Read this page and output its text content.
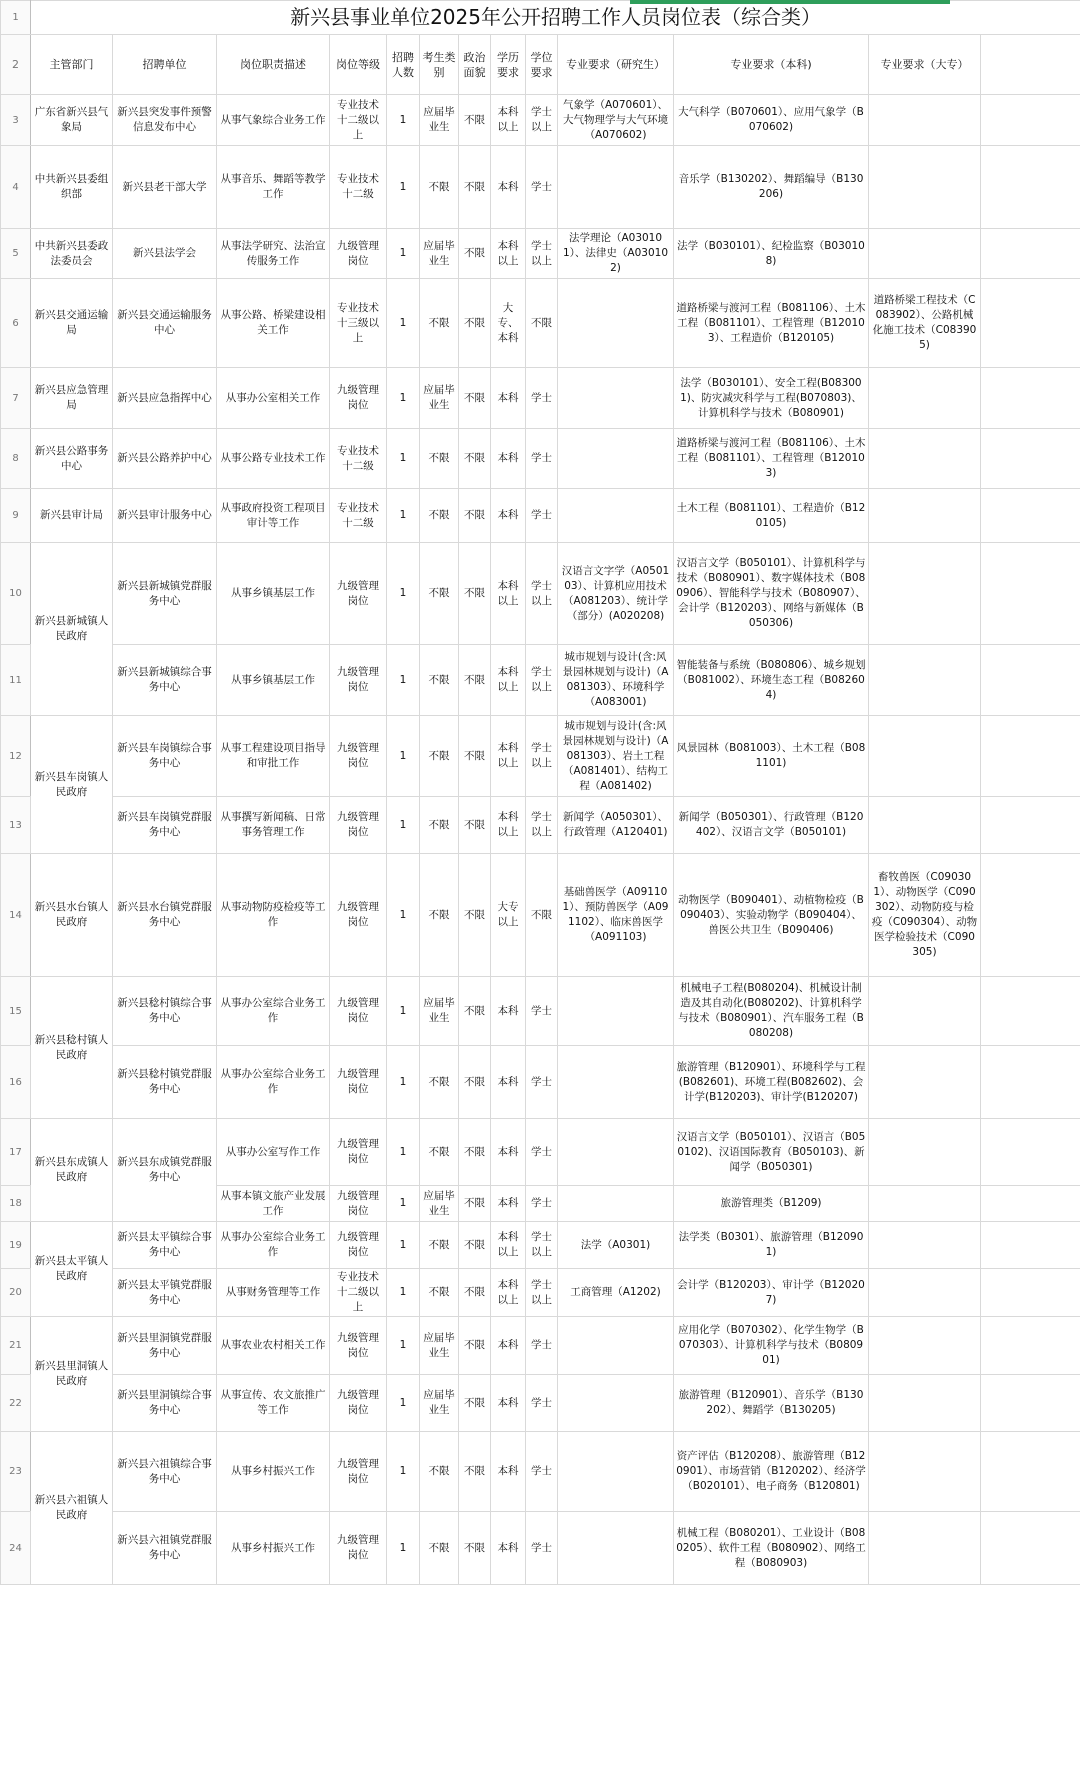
1	新兴县事业单位2025年公开招聘工作人员岗位表（综合类）												
2	主管部门	招聘单位	岗位职责描述	岗位等级	招聘人数	考生类别	政治面貌	学历要求	学位要求	专业要求（研究生）	专业要求（本科)	专业要求（大专）	
3	广东省新兴县气象局	新兴县突发事件预警信息发布中心	从事气象综合业务工作	专业技术十二级以上	1	应届毕业生	不限	本科以上	学士以上	气象学（A070601）、大气物理学与大气环境（A070602)	大气科学（B070601）、应用气象学（B070602)		
4	中共新兴县委组织部	新兴县老干部大学	从事音乐、舞蹈等教学工作	专业技术十二级	1	不限	不限	本科	学士		音乐学（B130202）、舞蹈编导（B130206)		
5	中共新兴县委政法委员会	新兴县法学会	从事法学研究、法治宣传服务工作	九级管理岗位	1	应届毕业生	不限	本科以上	学士以上	法学理论（A030101）、法律史（A030102)	法学（B030101）、纪检监察（B030108)		
6	新兴县交通运输局	新兴县交通运输服务中心	从事公路、桥梁建设相关工作	专业技术十三级以上	1	不限	不限	大专、本科	不限		道路桥梁与渡河工程（B081106）、土木工程（B081101）、工程管理（B120103）、工程造价（B120105)	道路桥梁工程技术（C083902）、公路机械化施工技术（C083905)	
7	新兴县应急管理局	新兴县应急指挥中心	从事办公室相关工作	九级管理岗位	1	应届毕业生	不限	本科	学士		法学（B030101）、安全工程(B083001)、防灾减灾科学与工程(B070803)、计算机科学与技术（B080901)		
8	新兴县公路事务中心	新兴县公路养护中心	从事公路专业技术工作	专业技术十二级	1	不限	不限	本科	学士		道路桥梁与渡河工程（B081106）、土木工程（B081101）、工程管理（B120103)		
9	新兴县审计局	新兴县审计服务中心	从事政府投资工程项目审计等工作	专业技术十二级	1	不限	不限	本科	学士		土木工程（B081101）、工程造价（B120105)		
10	新兴县新城镇人民政府	新兴县新城镇党群服务中心	从事乡镇基层工作	九级管理岗位	1	不限	不限	本科以上	学士以上	汉语言文字学（A050103）、计算机应用技术（A081203）、统计学（部分）(A020208)	汉语言文学（B050101）、计算机科学与技术（B080901）、数字媒体技术（B080906）、智能科学与技术（B080907）、会计学（B120203）、网络与新媒体（B050306)		
11		新兴县新城镇综合事务中心	从事乡镇基层工作	九级管理岗位	1	不限	不限	本科以上	学士以上	城市规划与设计(含:风景园林规划与设计)（A081303）、环境科学（A083001)	智能装备与系统（B080806）、城乡规划（B081002）、环境生态工程（B082604)		
12	新兴县车岗镇人民政府	新兴县车岗镇综合事务中心	从事工程建设项目指导和审批工作	九级管理岗位	1	不限	不限	本科以上	学士以上	城市规划与设计(含:风景园林规划与设计)（A081303）、岩土工程（A081401）、结构工程（A081402)	风景园林（B081003）、土木工程（B081101)		
13		新兴县车岗镇党群服务中心	从事撰写新闻稿、日常事务管理工作	九级管理岗位	1	不限	不限	本科以上	学士以上	新闻学（A050301）、行政管理（A120401)	新闻学（B050301）、行政管理（B120402）、汉语言文学（B050101)		
14	新兴县水台镇人民政府	新兴县水台镇党群服务中心	从事动物防疫检疫等工作	九级管理岗位	1	不限	不限	大专以上	不限	基础兽医学（A091101）、预防兽医学（A091102）、临床兽医学（A091103)	动物医学（B090401）、动植物检疫（B090403）、实验动物学（B090404）、兽医公共卫生（B090406)	畜牧兽医（C090301）、动物医学（C090302）、动物防疫与检疫（C090304）、动物医学检验技术（C090305)	
15	新兴县稔村镇人民政府	新兴县稔村镇综合事务中心	从事办公室综合业务工作	九级管理岗位	1	应届毕业生	不限	本科	学士		机械电子工程(B080204)、机械设计制造及其自动化(B080202)、计算机科学与技术（B080901）、汽车服务工程（B080208)		
16		新兴县稔村镇党群服务中心	从事办公室综合业务工作	九级管理岗位	1	不限	不限	本科	学士		旅游管理（B120901）、环境科学与工程(B082601)、环境工程(B082602)、会计学(B120203)、审计学(B120207)		
17	新兴县东成镇人民政府	新兴县东成镇党群服务中心	从事办公室写作工作	九级管理岗位	1	不限	不限	本科	学士		汉语言文学（B050101）、汉语言（B050102)、汉语国际教育（B050103)、新闻学（B050301)		
18			从事本镇文旅产业发展工作	九级管理岗位	1	应届毕业生	不限	本科	学士		旅游管理类（B1209)		
19	新兴县太平镇人民政府	新兴县太平镇综合事务中心	从事办公室综合业务工作	九级管理岗位	1	不限	不限	本科以上	学士以上	法学（A0301)	法学类（B0301）、旅游管理（B120901)		
20		新兴县太平镇党群服务中心	从事财务管理等工作	专业技术十二级以上	1	不限	不限	本科以上	学士以上	工商管理（A1202)	会计学（B120203）、审计学（B120207)		
21	新兴县里洞镇人民政府	新兴县里洞镇党群服务中心	从事农业农村相关工作	九级管理岗位	1	应届毕业生	不限	本科	学士		应用化学（B070302）、化学生物学（B070303）、计算机科学与技术（B080901)		
22		新兴县里洞镇综合事务中心	从事宣传、农文旅推广等工作	九级管理岗位	1	应届毕业生	不限	本科	学士		旅游管理（B120901）、音乐学（B130202）、舞蹈学（B130205)		
23	新兴县六祖镇人民政府	新兴县六祖镇综合事务中心	从事乡村振兴工作	九级管理岗位	1	不限	不限	本科	学士		资产评估（B120208）、旅游管理（B120901）、市场营销（B120202）、经济学（B020101）、电子商务（B120801)		
24		新兴县六祖镇党群服务中心	从事乡村振兴工作	九级管理岗位	1	不限	不限	本科	学士		机械工程（B080201）、工业设计（B080205）、软件工程（B080902）、网络工程（B080903)		
